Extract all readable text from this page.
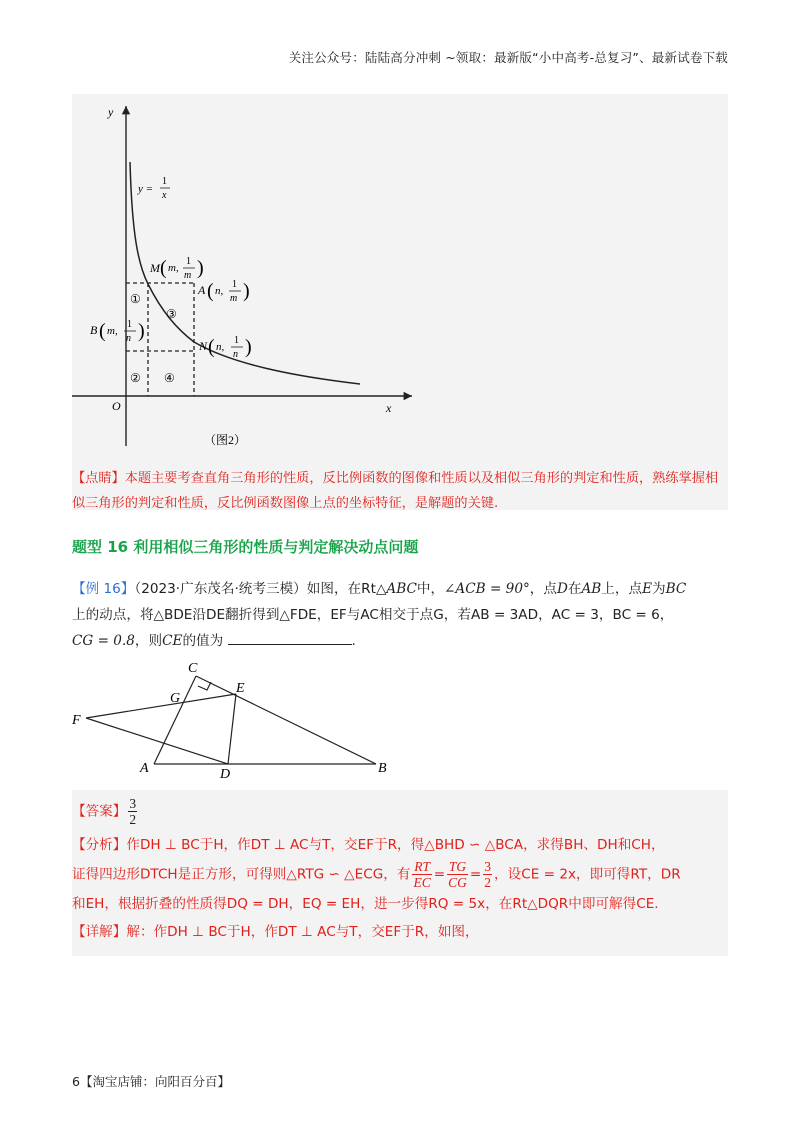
关注公众号：陆陆高分冲刺 ~领取：最新版“小中高考-总复习”、最新试卷下载
y
x
O
y =
1
x
M ( m,
1
m )
A ( n,
1
m )
B ( m,
1
n )
N ( n,
1
n )
①
③
② ④
（图2）
【点睛】本题主要考查直角三角形的性质，反比例函数的图像和性质以及相似三角形的判定和性质，熟练掌握相似三角形的判定和性质，反比例函数图像上点的坐标特征，是解题的关键.
题型 16 利用相似三角形的性质与判定解决动点问题
【例 16】（2023·广东茂名·统考三模）如图，在Rt△ABC中，∠ACB = 90°，点D在AB上，点E为BC
上的动点，将△BDE沿DE翻折得到△FDE，EF与AC相交于点G，若AB = 3AD，AC = 3，BC = 6，
CG = 0.8，则CE的值为	.
C
G
E
F
A	D	B
【答案】 $\frac{3}{2}$
【分析】作DH ⊥ BC于H，作DT ⊥ AC与T，交EF于R，得△BHD ∽ △BCA，求得BH、DH和CH，
证得四边形DTCH是正方形，可得则△RTG ∽ △ECG，有 $\frac{RT}{EC} = \frac{TG}{CG} = \frac{3}{2}$ ，设CE = 2x，即可得RT，DR
和EH，根据折叠的性质得DQ = DH，EQ = EH，进一步得RQ = 5x，在Rt△DQR中即可解得CE.
【详解】解：作DH ⊥ BC于H，作DT ⊥ AC与T，交EF于R，如图，
6【淘宝店铺：向阳百分百】
